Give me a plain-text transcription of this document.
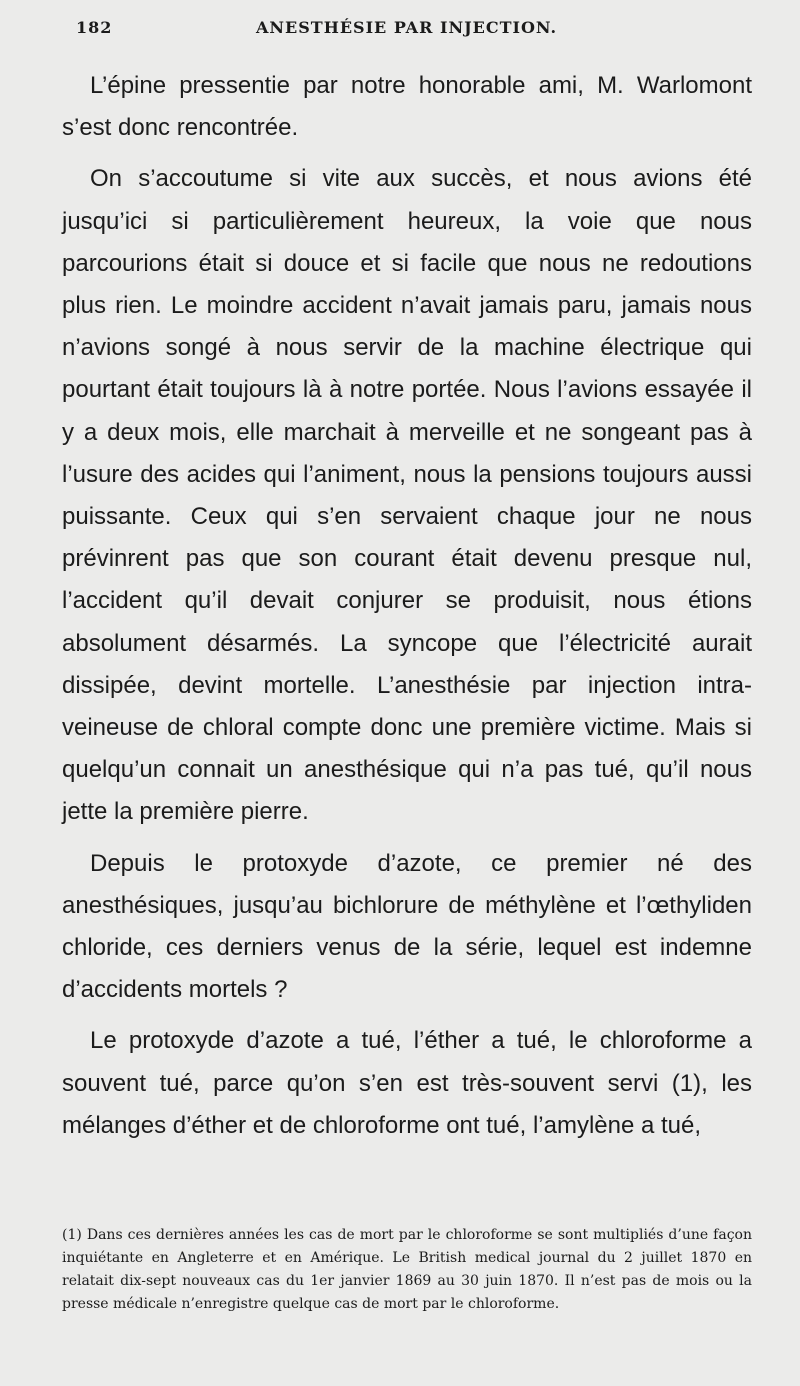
182	ANESTHÉSIE PAR INJECTION.

L’épine pressentie par notre honorable ami, M. Warlomont s’est donc rencontrée.

On s’accoutume si vite aux succès, et nous avions été jusqu’ici si particulièrement heureux, la voie que nous parcourions était si douce et si facile que nous ne redoutions plus rien. Le moindre accident n’avait jamais paru, jamais nous n’avions songé à nous servir de la machine électrique qui pourtant était toujours là à notre portée. Nous l’avions essayée il y a deux mois, elle marchait à merveille et ne songeant pas à l’usure des acides qui l’animent, nous la pensions toujours aussi puissante. Ceux qui s’en servaient chaque jour ne nous prévinrent pas que son courant était devenu presque nul, l’accident qu’il devait conjurer se produisit, nous étions absolument désarmés. La syncope que l’électricité aurait dissipée, devint mortelle. L’anesthésie par injection intra-veineuse de chloral compte donc une première victime. Mais si quelqu’un connait un anesthésique qui n’a pas tué, qu’il nous jette la première pierre.

Depuis le protoxyde d’azote, ce premier né des anesthésiques, jusqu’au bichlorure de méthylène et l’œthyliden chloride, ces derniers venus de la série, lequel est indemne d’accidents mortels ?

Le protoxyde d’azote a tué, l’éther a tué, le chloroforme a souvent tué, parce qu’on s’en est très-souvent servi (1), les mélanges d’éther et de chloroforme ont tué, l’amylène a tué,

(1) Dans ces dernières années les cas de mort par le chloroforme se sont multipliés d’une façon inquiétante en Angleterre et en Amérique. Le British medical journal du 2 juillet 1870 en relatait dix-sept nouveaux cas du 1er janvier 1869 au 30 juin 1870. Il n’est pas de mois ou la presse médicale n’enregistre quelque cas de mort par le chloroforme.
